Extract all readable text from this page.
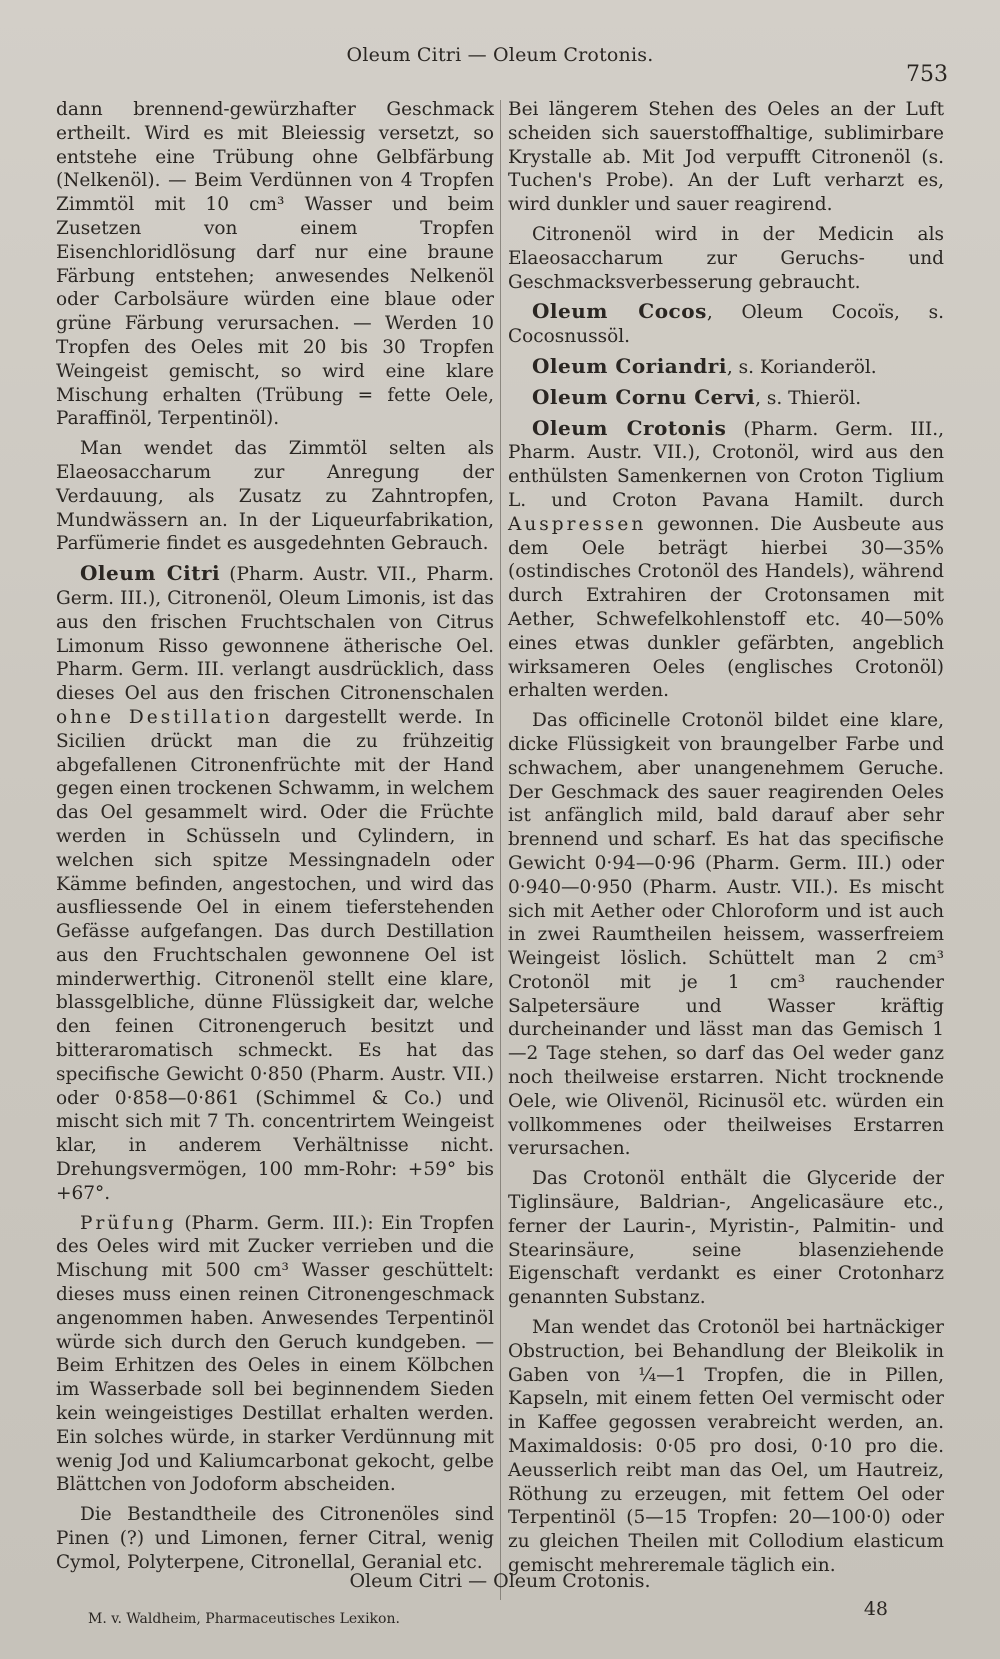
Oleum Citri — Oleum Crotonis.
753

dann brennend-gewürzhafter Geschmack ertheilt. Wird es mit Bleiessig versetzt, so entstehe eine Trübung ohne Gelbfärbung (Nelkenöl). — Beim Verdünnen von 4 Tropfen Zimmtöl mit 10 cm³ Wasser und beim Zusetzen von einem Tropfen Eisenchloridlösung darf nur eine braune Färbung entstehen; anwesendes Nelkenöl oder Carbolsäure würden eine blaue oder grüne Färbung verursachen. — Werden 10 Tropfen des Oeles mit 20 bis 30 Tropfen Weingeist gemischt, so wird eine klare Mischung erhalten (Trübung = fette Oele, Paraffinöl, Terpentinöl).

Man wendet das Zimmtöl selten als Elaeosaccharum zur Anregung der Verdauung, als Zusatz zu Zahntropfen, Mundwässern an. In der Liqueurfabrikation, Parfümerie findet es ausgedehnten Gebrauch.

Oleum Citri (Pharm. Austr. VII., Pharm. Germ. III.), Citronenöl, Oleum Limonis, ist das aus den frischen Fruchtschalen von Citrus Limonum Risso gewonnene ätherische Oel. Pharm. Germ. III. verlangt ausdrücklich, dass dieses Oel aus den frischen Citronenschalen ohne Destillation dargestellt werde. In Sicilien drückt man die zu frühzeitig abgefallenen Citronenfrüchte mit der Hand gegen einen trockenen Schwamm, in welchem das Oel gesammelt wird. Oder die Früchte werden in Schüsseln und Cylindern, in welchen sich spitze Messingnadeln oder Kämme befinden, angestochen, und wird das ausfliessende Oel in einem tieferstehenden Gefässe aufgefangen. Das durch Destillation aus den Fruchtschalen gewonnene Oel ist minderwerthig. Citronenöl stellt eine klare, blassgelbliche, dünne Flüssigkeit dar, welche den feinen Citronengeruch besitzt und bitteraromatisch schmeckt. Es hat das specifische Gewicht 0·850 (Pharm. Austr. VII.) oder 0·858—0·861 (Schimmel & Co.) und mischt sich mit 7 Th. concentrirtem Weingeist klar, in anderem Verhältnisse nicht. Drehungsvermögen, 100 mm-Rohr: +59° bis +67°.

Prüfung (Pharm. Germ. III.): Ein Tropfen des Oeles wird mit Zucker verrieben und die Mischung mit 500 cm³ Wasser geschüttelt: dieses muss einen reinen Citronengeschmack angenommen haben. Anwesendes Terpentinöl würde sich durch den Geruch kundgeben. — Beim Erhitzen des Oeles in einem Kölbchen im Wasserbade soll bei beginnendem Sieden kein weingeistiges Destillat erhalten werden. Ein solches würde, in starker Verdünnung mit wenig Jod und Kaliumcarbonat gekocht, gelbe Blättchen von Jodoform abscheiden.

Die Bestandtheile des Citronenöles sind Pinen (?) und Limonen, ferner Citral, wenig Cymol, Polyterpene, Citronellal, Geranial etc.

Bei längerem Stehen des Oeles an der Luft scheiden sich sauerstoffhaltige, sublimirbare Krystalle ab. Mit Jod verpufft Citronenöl (s. Tuchen's Probe). An der Luft verharzt es, wird dunkler und sauer reagirend.

Citronenöl wird in der Medicin als Elaeosaccharum zur Geruchs- und Geschmacksverbesserung gebraucht.

Oleum Cocos, Oleum Cocoïs, s. Cocosnussöl.

Oleum Coriandri, s. Korianderöl.

Oleum Cornu Cervi, s. Thieröl.

Oleum Crotonis (Pharm. Germ. III., Pharm. Austr. VII.), Crotonöl, wird aus den enthülsten Samenkernen von Croton Tiglium L. und Croton Pavana Hamilt. durch Auspressen gewonnen. Die Ausbeute aus dem Oele beträgt hierbei 30—35% (ostindisches Crotonöl des Handels), während durch Extrahiren der Crotonsamen mit Aether, Schwefelkohlenstoff etc. 40—50% eines etwas dunkler gefärbten, angeblich wirksameren Oeles (englisches Crotonöl) erhalten werden.

Das officinelle Crotonöl bildet eine klare, dicke Flüssigkeit von braungelber Farbe und schwachem, aber unangenehmem Geruche. Der Geschmack des sauer reagirenden Oeles ist anfänglich mild, bald darauf aber sehr brennend und scharf. Es hat das specifische Gewicht 0·94—0·96 (Pharm. Germ. III.) oder 0·940—0·950 (Pharm. Austr. VII.). Es mischt sich mit Aether oder Chloroform und ist auch in zwei Raumtheilen heissem, wasserfreiem Weingeist löslich. Schüttelt man 2 cm³ Crotonöl mit je 1 cm³ rauchender Salpetersäure und Wasser kräftig durcheinander und lässt man das Gemisch 1—2 Tage stehen, so darf das Oel weder ganz noch theilweise erstarren. Nicht trocknende Oele, wie Olivenöl, Ricinusöl etc. würden ein vollkommenes oder theilweises Erstarren verursachen.

Das Crotonöl enthält die Glyceride der Tiglinsäure, Baldrian-, Angelicasäure etc., ferner der Laurin-, Myristin-, Palmitin- und Stearinsäure, seine blasenziehende Eigenschaft verdankt es einer Crotonharz genannten Substanz.

Man wendet das Crotonöl bei hartnäckiger Obstruction, bei Behandlung der Bleikolik in Gaben von ¼—1 Tropfen, die in Pillen, Kapseln, mit einem fetten Oel vermischt oder in Kaffee gegossen verabreicht werden, an. Maximaldosis: 0·05 pro dosi, 0·10 pro die. Aeusserlich reibt man das Oel, um Hautreiz, Röthung zu erzeugen, mit fettem Oel oder Terpentinöl (5—15 Tropfen: 20—100·0) oder zu gleichen Theilen mit Collodium elasticum gemischt mehreremale täglich ein.

Oleum Citri — Oleum Crotonis.
M. v. Waldheim, Pharmaceutisches Lexikon.	48
